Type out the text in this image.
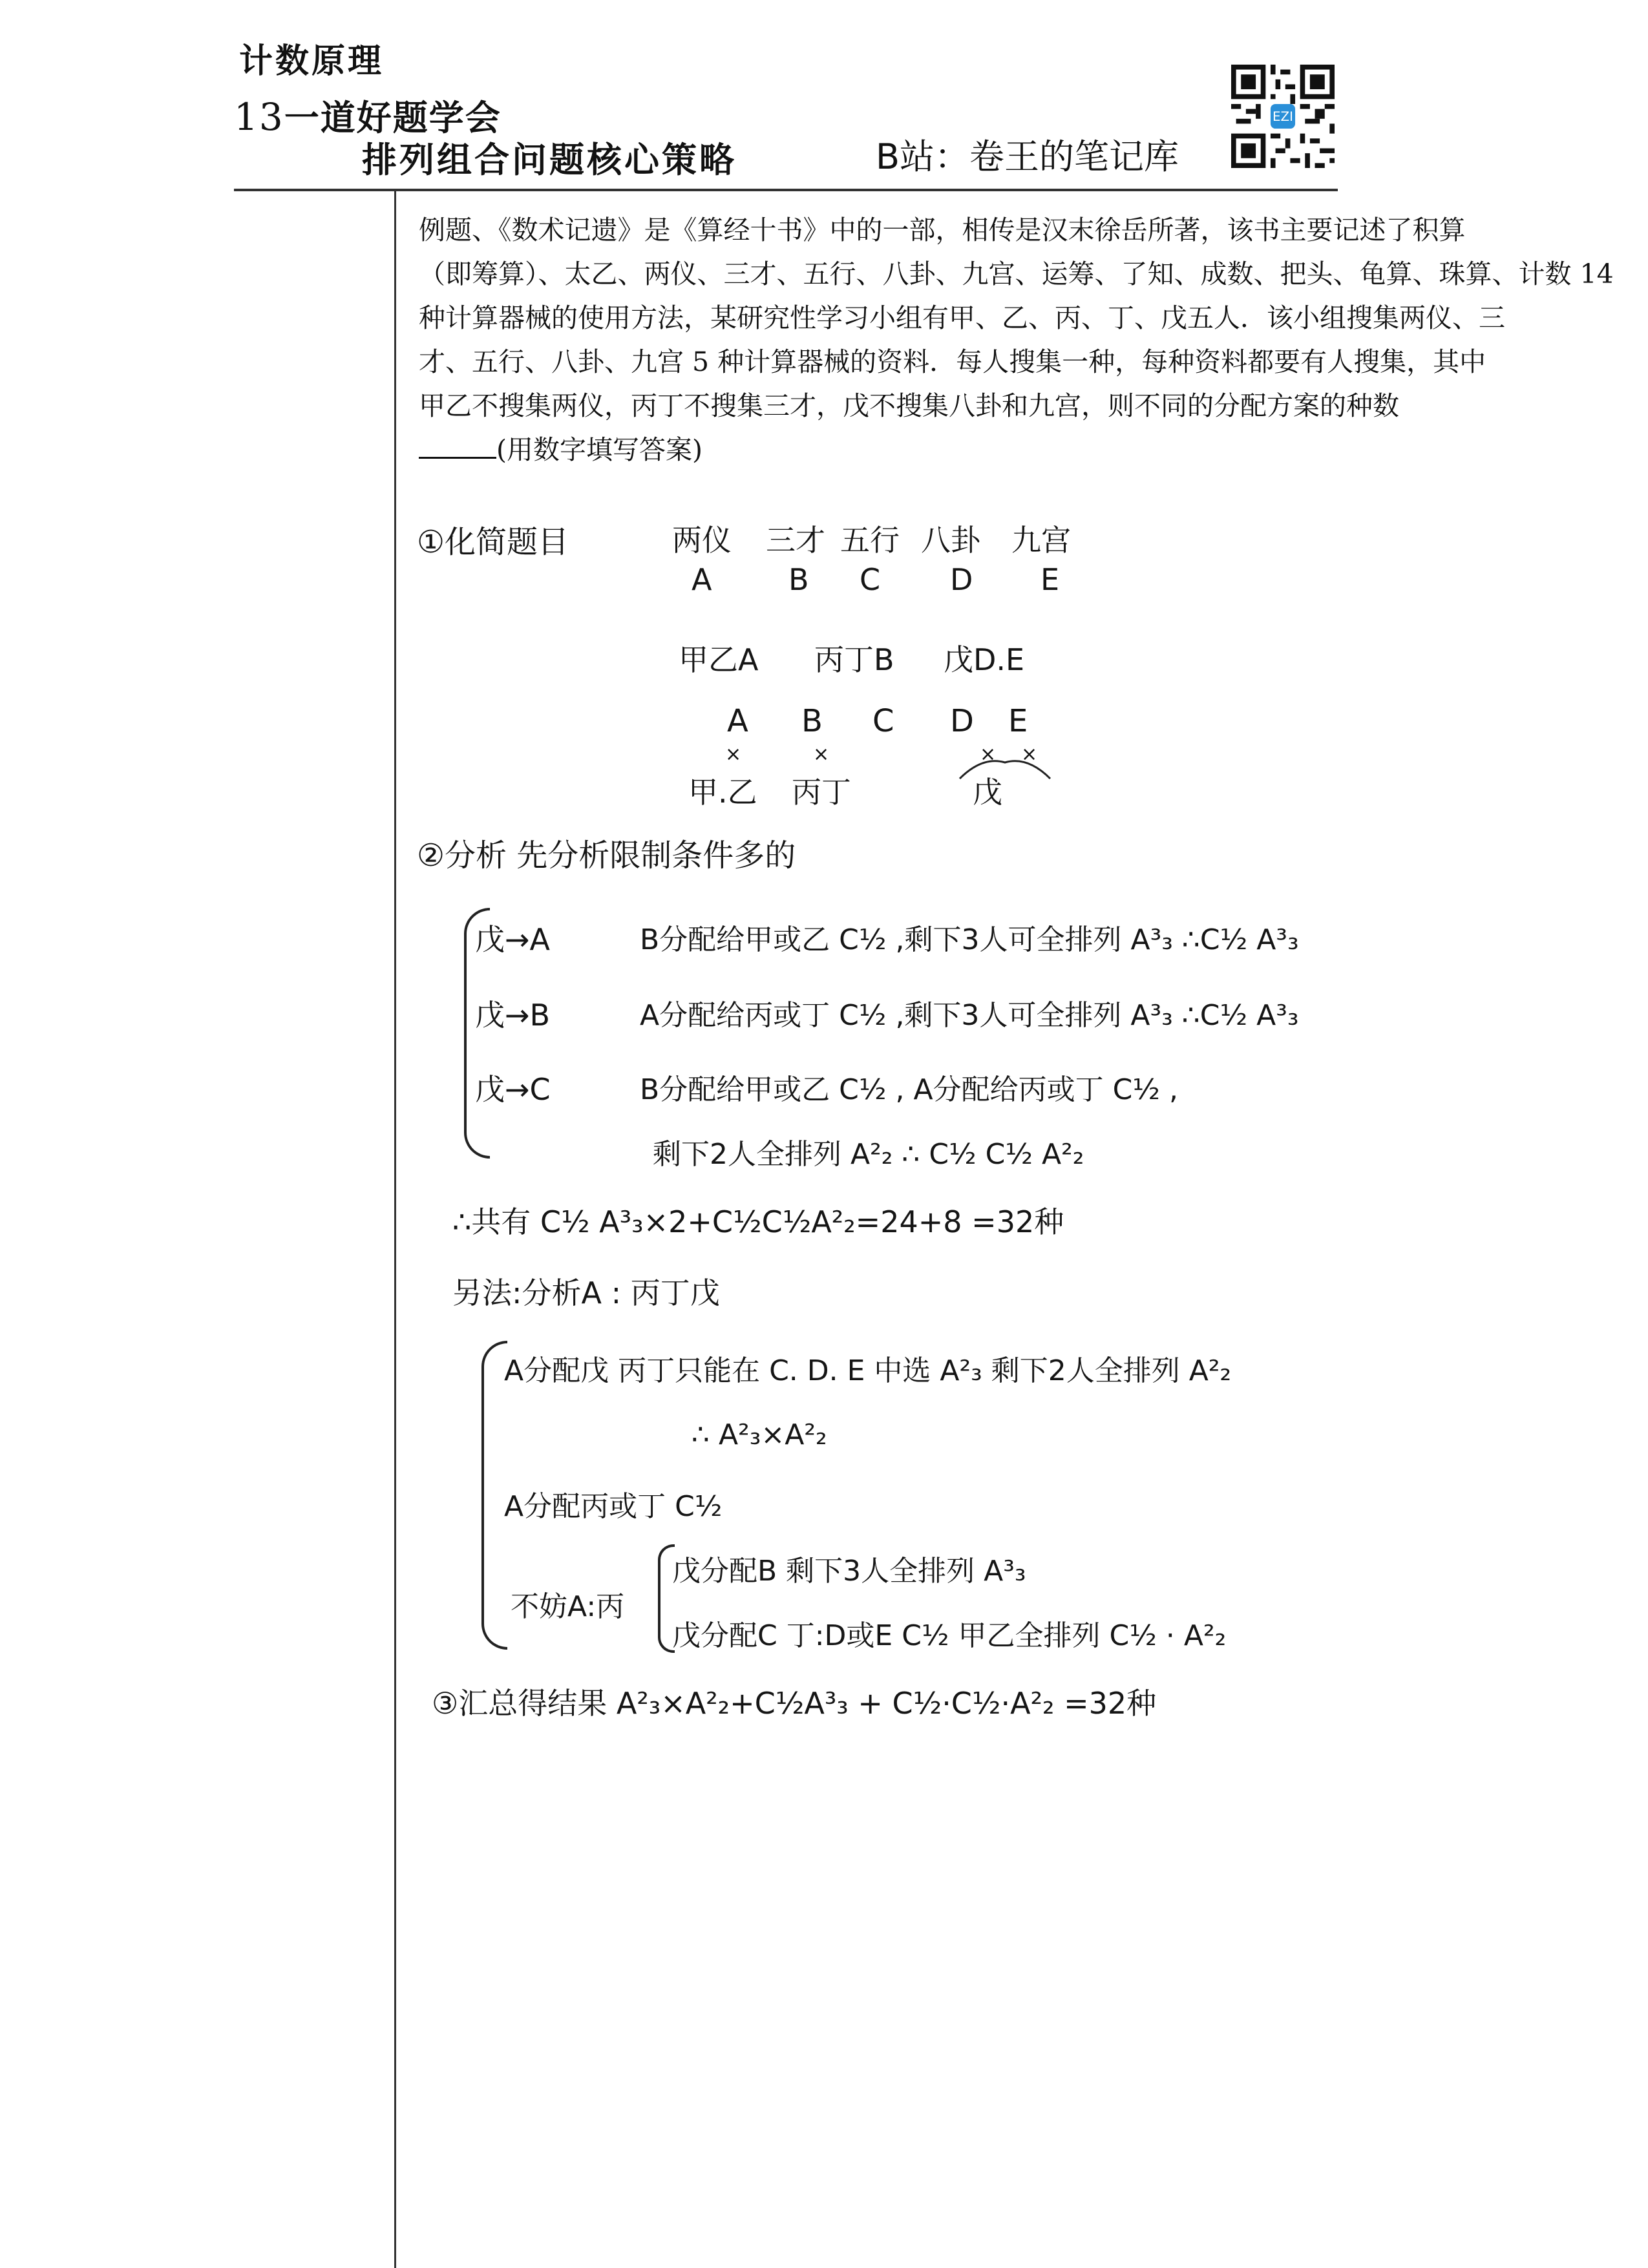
计数原理
13一道好题学会
排列组合问题核心策略	B站：卷王的笔记库
EZI

例题、《数术记遗》是《算经十书》中的一部，相传是汉末徐岳所著，该书主要记述了积算

（即筹算）、太乙、两仪、三才、五行、八卦、九宫、运筹、了知、成数、把头、龟算、珠算、计数 14

种计算器械的使用方法，某研究性学习小组有甲、乙、丙、丁、戊五人．该小组搜集两仪、三

才、五行、八卦、九宫 5 种计算器械的资料．每人搜集一种，每种资料都要有人搜集，其中

甲乙不搜集两仪，丙丁不搜集三才，戊不搜集八卦和九宫，则不同的分配方案的种数

(用数字填写答案)

①化简题目	两仪 三才 五行 八卦 九宫
A	B C D E
甲乙A 丙丁B 戊D.E
A B C D E
×	×	× ×
甲.乙 丙丁	戊
②分析 先分析限制条件多的
戊→A	B分配给甲或乙 C½ ,剩下3人可全排列 A³₃ ∴C½ A³₃
戊→B	A分配给丙或丁 C½ ,剩下3人可全排列 A³₃ ∴C½ A³₃
戊→C	B分配给甲或乙 C½ , A分配给丙或丁 C½ ,
剩下2人全排列 A²₂ ∴ C½ C½ A²₂
∴共有 C½ A³₃×2+C½C½A²₂=24+8 =32种
另法:分析A : 丙丁戊
A分配戊 丙丁只能在 C. D. E 中选 A²₃ 剩下2人全排列 A²₂
∴ A²₃×A²₂
A分配丙或丁 C½
不妨A:丙
戊分配B 剩下3人全排列 A³₃
戊分配C 丁:D或E C½ 甲乙全排列 C½ · A²₂
③汇总得结果 A²₃×A²₂+C½A³₃ + C½·C½·A²₂ =32种
